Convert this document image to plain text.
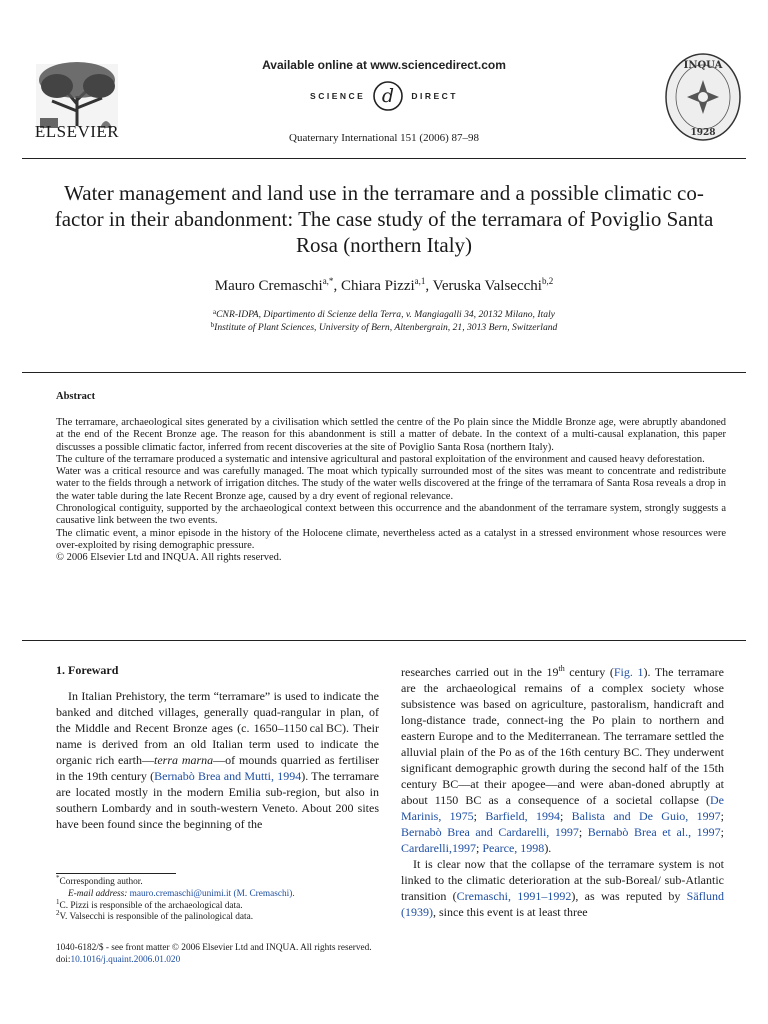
ELSEVIER
Available online at www.sciencedirect.com
SCIENCE d DIRECT
Quaternary International 151 (2006) 87–98
INQUA
1928
Water management and land use in the terramare and a possible climatic co-factor in their abandonment: The case study of the terramara of Poviglio Santa Rosa (northern Italy)
Mauro Cremaschi$^{a,*}$, Chiara Pizzi$^{a,1}$, Veruska Valsecchi$^{b,2}$
$^a$CNR-IDPA, Dipartimento di Scienze della Terra, v. Mangiagalli 34, 20132 Milano, Italy
$^b$Institute of Plant Sciences, University of Bern, Altenbergrain, 21, 3013 Bern, Switzerland
Abstract

The terramare, archaeological sites generated by a civilisation which settled the centre of the Po plain since the Middle Bronze age, were abruptly abandoned at the end of the Recent Bronze age. The reason for this abandonment is still a matter of debate. In the context of a multi-causal explanation, this paper discusses a possible climatic factor, inferred from recent discoveries at the site of Poviglio Santa Rosa (northern Italy).

The culture of the terramare produced a systematic and intensive agricultural and pastoral exploitation of the environment and caused heavy deforestation.

Water was a critical resource and was carefully managed. The moat which typically surrounded most of the sites was meant to concentrate and redistribute water to the fields through a network of irrigation ditches. The study of the water wells discovered at the fringe of the terramara of Santa Rosa reveals a drop in the water table during the late Recent Bronze age, caused by a dry event of regional relevance.

Chronological contiguity, supported by the archaeological context between this occurrence and the abandonment of the terramare system, strongly suggests a causative link between the two events.

The climatic event, a minor episode in the history of the Holocene climate, nevertheless acted as a catalyst in a stressed environment whose resources were over-exploited by rising demographic pressure.

© 2006 Elsevier Ltd and INQUA. All rights reserved.

1. Foreward

In Italian Prehistory, the term “terramare” is used to indicate the banked and ditched villages, generally quad-rangular in plan, of the Middle and Recent Bronze ages (c. 1650–1150 cal BC). Their name is derived from an old Italian term used to indicate the organic rich earth—terra marna—of mounds quarried as fertiliser in the 19th century (Bernabò Brea and Mutti, 1994). The terramare are located mostly in the modern Emilia sub-region, but also in southern Lombardy and in south-western Veneto. About 200 sites have been found since the beginning of the

researches carried out in the 19th century (Fig. 1). The terramare are the archaeological remains of a complex society whose subsistence was based on agriculture, pastoralism, handicraft and long-distance trade, connect-ing the Po plain to northern and eastern Europe and to the Mediterranean. The terramare settled the alluvial plain of the Po as of the 16th century BC. They underwent significant demographic growth during the second half of the 15th century BC—at their apogee—and were aban-doned abruptly at about 1150 BC as a consequence of a societal collapse (De Marinis, 1975; Barfield, 1994; Balista and De Guio, 1997; Bernabò Brea and Cardarelli, 1997; Bernabò Brea et al., 1997; Cardarelli,1997; Pearce, 1998).

It is clear now that the collapse of the terramare system is not linked to the climatic deterioration at the sub-Boreal/ sub-Atlantic transition (Cremaschi, 1991–1992), as was reputed by Säflund (1939), since this event is at least three

*Corresponding author.
E-mail address: mauro.cremaschi@unimi.it (M. Cremaschi).
$^1$C. Pizzi is responsible of the archaeological data.
$^2$V. Valsecchi is responsible of the palinological data.
1040-6182/$ - see front matter © 2006 Elsevier Ltd and INQUA. All rights reserved.
doi:10.1016/j.quaint.2006.01.020
